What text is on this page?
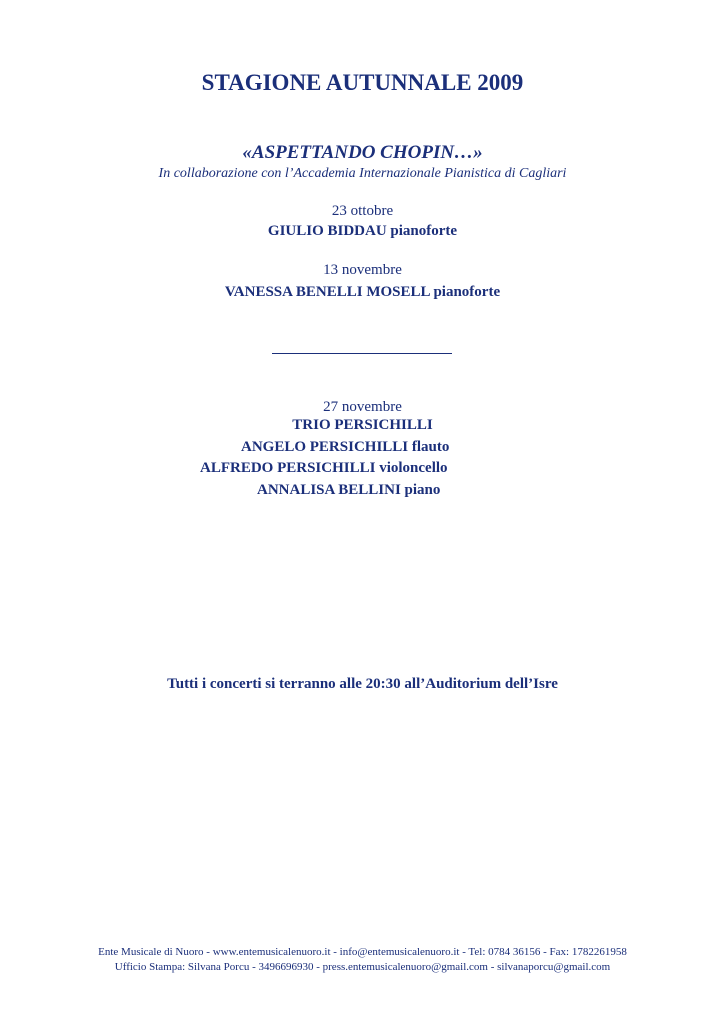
STAGIONE AUTUNNALE 2009
«ASPETTANDO CHOPIN…»
In collaborazione con l’Accademia Internazionale Pianistica di Cagliari
23 ottobre
GIULIO BIDDAU pianoforte
13 novembre
VANESSA BENELLI MOSELL pianoforte
27 novembre
TRIO PERSICHILLI
ANGELO PERSICHILLI flauto
ALFREDO PERSICHILLI violoncello
ANNALISA BELLINI piano
Tutti i concerti si terranno alle 20:30 all’Auditorium dell’Isre
Ente Musicale di Nuoro - www.entemusicalenuoro.it - info@entemusicalenuoro.it - Tel: 0784 36156 - Fax: 1782261958
Ufficio Stampa: Silvana Porcu - 3496696930 - press.entemusicalenuoro@gmail.com - silvanaporcu@gmail.com
